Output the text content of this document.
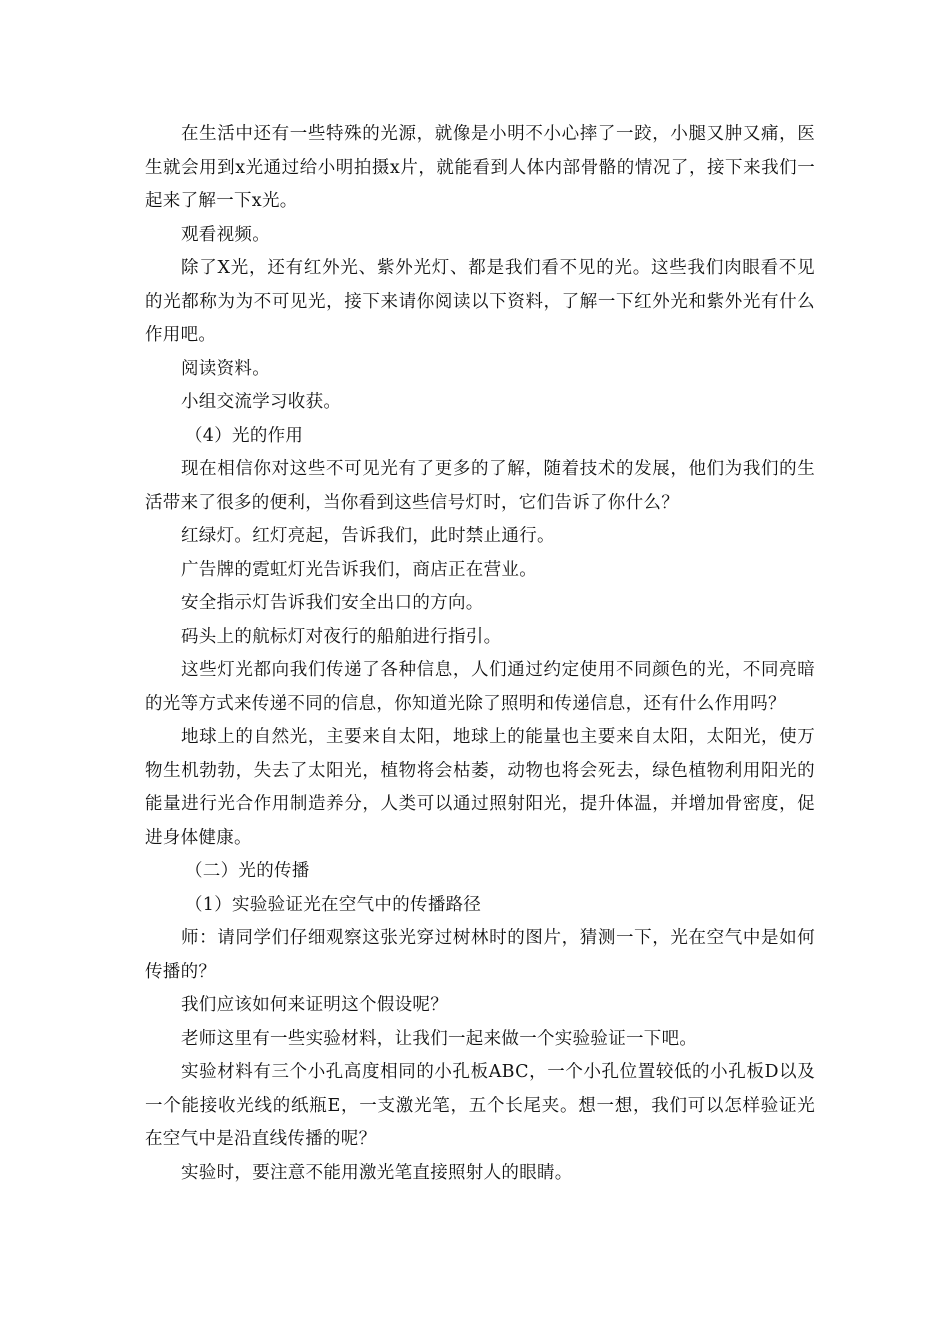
在生活中还有一些特殊的光源，就像是小明不小心摔了一跤，小腿又肿又痛，医生就会用到x光通过给小明拍摄x片，就能看到人体内部骨骼的情况了，接下来我们一起来了解一下x光。

观看视频。

除了X光，还有红外光、紫外光灯、都是我们看不见的光。这些我们肉眼看不见的光都称为为不可见光，接下来请你阅读以下资料，了解一下红外光和紫外光有什么作用吧。

阅读资料。

小组交流学习收获。

（4）光的作用

现在相信你对这些不可见光有了更多的了解，随着技术的发展，他们为我们的生活带来了很多的便利，当你看到这些信号灯时，它们告诉了你什么？

红绿灯。红灯亮起，告诉我们，此时禁止通行。

广告牌的霓虹灯光告诉我们，商店正在营业。

安全指示灯告诉我们安全出口的方向。

码头上的航标灯对夜行的船舶进行指引。

这些灯光都向我们传递了各种信息，人们通过约定使用不同颜色的光，不同亮暗的光等方式来传递不同的信息，你知道光除了照明和传递信息，还有什么作用吗？

地球上的自然光，主要来自太阳，地球上的能量也主要来自太阳，太阳光，使万物生机勃勃，失去了太阳光，植物将会枯萎，动物也将会死去，绿色植物利用阳光的能量进行光合作用制造养分，人类可以通过照射阳光，提升体温，并增加骨密度，促进身体健康。

（二）光的传播

（1）实验验证光在空气中的传播路径

师：请同学们仔细观察这张光穿过树林时的图片，猜测一下，光在空气中是如何传播的？

我们应该如何来证明这个假设呢？

老师这里有一些实验材料，让我们一起来做一个实验验证一下吧。

实验材料有三个小孔高度相同的小孔板ABC，一个小孔位置较低的小孔板D以及一个能接收光线的纸瓶E，一支激光笔，五个长尾夹。想一想，我们可以怎样验证光在空气中是沿直线传播的呢？

实验时，要注意不能用激光笔直接照射人的眼睛。
